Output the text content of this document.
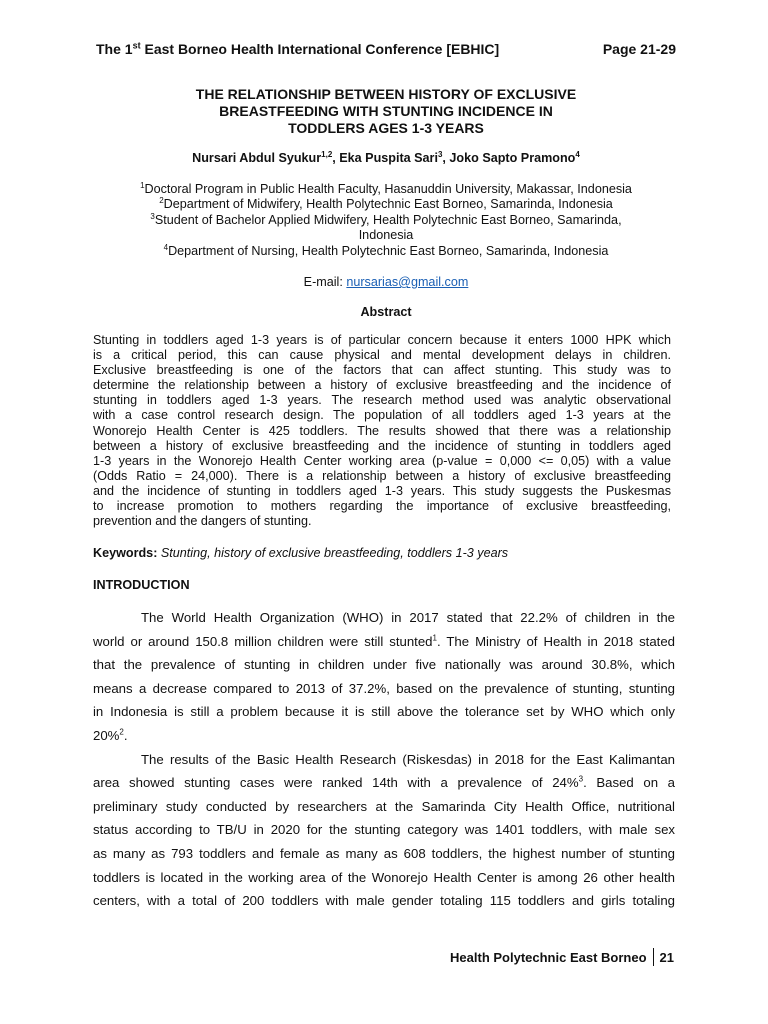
The 1st East Borneo Health International Conference [EBHIC]	Page 21-29
THE RELATIONSHIP BETWEEN HISTORY OF EXCLUSIVE
BREASTFEEDING WITH STUNTING INCIDENCE IN
TODDLERS AGES 1-3 YEARS
Nursari Abdul Syukur$^{1,2}$, Eka Puspita Sari$^3$, Joko Sapto Pramono$^4$
$^1$Doctoral Program in Public Health Faculty, Hasanuddin University, Makassar, Indonesia
$^2$Department of Midwifery, Health Polytechnic East Borneo, Samarinda, Indonesia
$^3$Student of Bachelor Applied Midwifery, Health Polytechnic East Borneo, Samarinda,
Indonesia
$^4$Department of Nursing, Health Polytechnic East Borneo, Samarinda, Indonesia
E-mail: nursarias@gmail.com
Abstract
Stunting in toddlers aged 1-3 years is of particular concern because it enters 1000 HPK which
is a critical period, this can cause physical and mental development delays in children.
Exclusive breastfeeding is one of the factors that can affect stunting. This study was to
determine the relationship between a history of exclusive breastfeeding and the incidence of
stunting in toddlers aged 1-3 years. The research method used was analytic observational
with a case control research design. The population of all toddlers aged 1-3 years at the
Wonorejo Health Center is 425 toddlers. The results showed that there was a relationship
between a history of exclusive breastfeeding and the incidence of stunting in toddlers aged
1-3 years in the Wonorejo Health Center working area (p-value = 0,000 <= 0,05) with a value
(Odds Ratio = 24,000). There is a relationship between a history of exclusive breastfeeding
and the incidence of stunting in toddlers aged 1-3 years. This study suggests the Puskesmas
to increase promotion to mothers regarding the importance of exclusive breastfeeding,
prevention and the dangers of stunting.
Keywords: Stunting, history of exclusive breastfeeding, toddlers 1-3 years
INTRODUCTION
The World Health Organization (WHO) in 2017 stated that 22.2% of children in the
world or around 150.8 million children were still stunted$^1$. The Ministry of Health in 2018 stated
that the prevalence of stunting in children under five nationally was around 30.8%, which
means a decrease compared to 2013 of 37.2%, based on the prevalence of stunting, stunting
in Indonesia is still a problem because it is still above the tolerance set by WHO which only
20%$^2$.
The results of the Basic Health Research (Riskesdas) in 2018 for the East Kalimantan
area showed stunting cases were ranked 14th with a prevalence of 24%$^3$. Based on a
preliminary study conducted by researchers at the Samarinda City Health Office, nutritional
status according to TB/U in 2020 for the stunting category was 1401 toddlers, with male sex
as many as 793 toddlers and female as many as 608 toddlers, the highest number of stunting
toddlers is located in the working area of the Wonorejo Health Center is among 26 other health
centers, with a total of 200 toddlers with male gender totaling 115 toddlers and girls totaling
Health Polytechnic East Borneo 21
